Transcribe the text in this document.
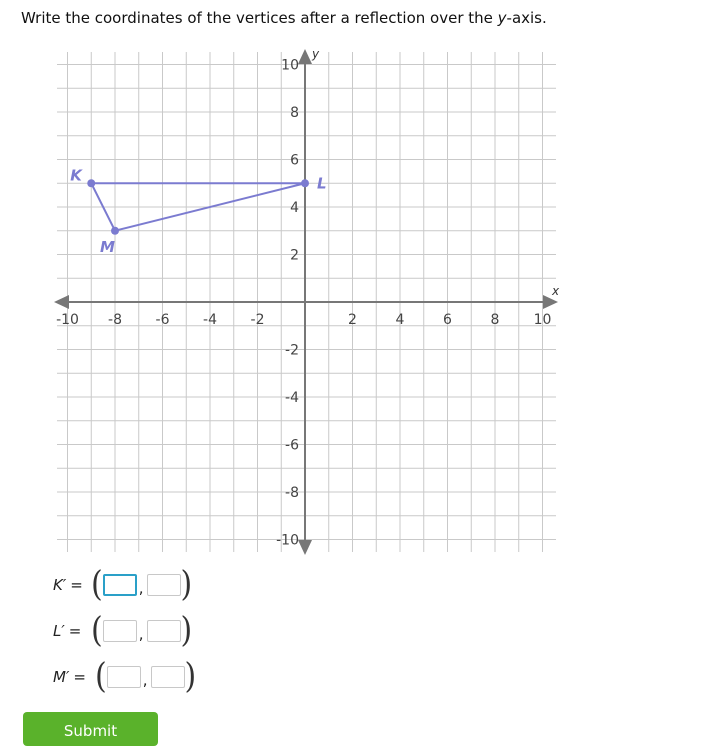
Write the coordinates of the vertices after a reflection over the y-axis.

x
y
-10 -8 -6 -4 -2	2	4	6	8 10
10
8
6
4
2
-2
-4
-6
-8
-10
K	L
M
K′ = ( , )
L′ = ( , )
M′ = ( , )
Submit
